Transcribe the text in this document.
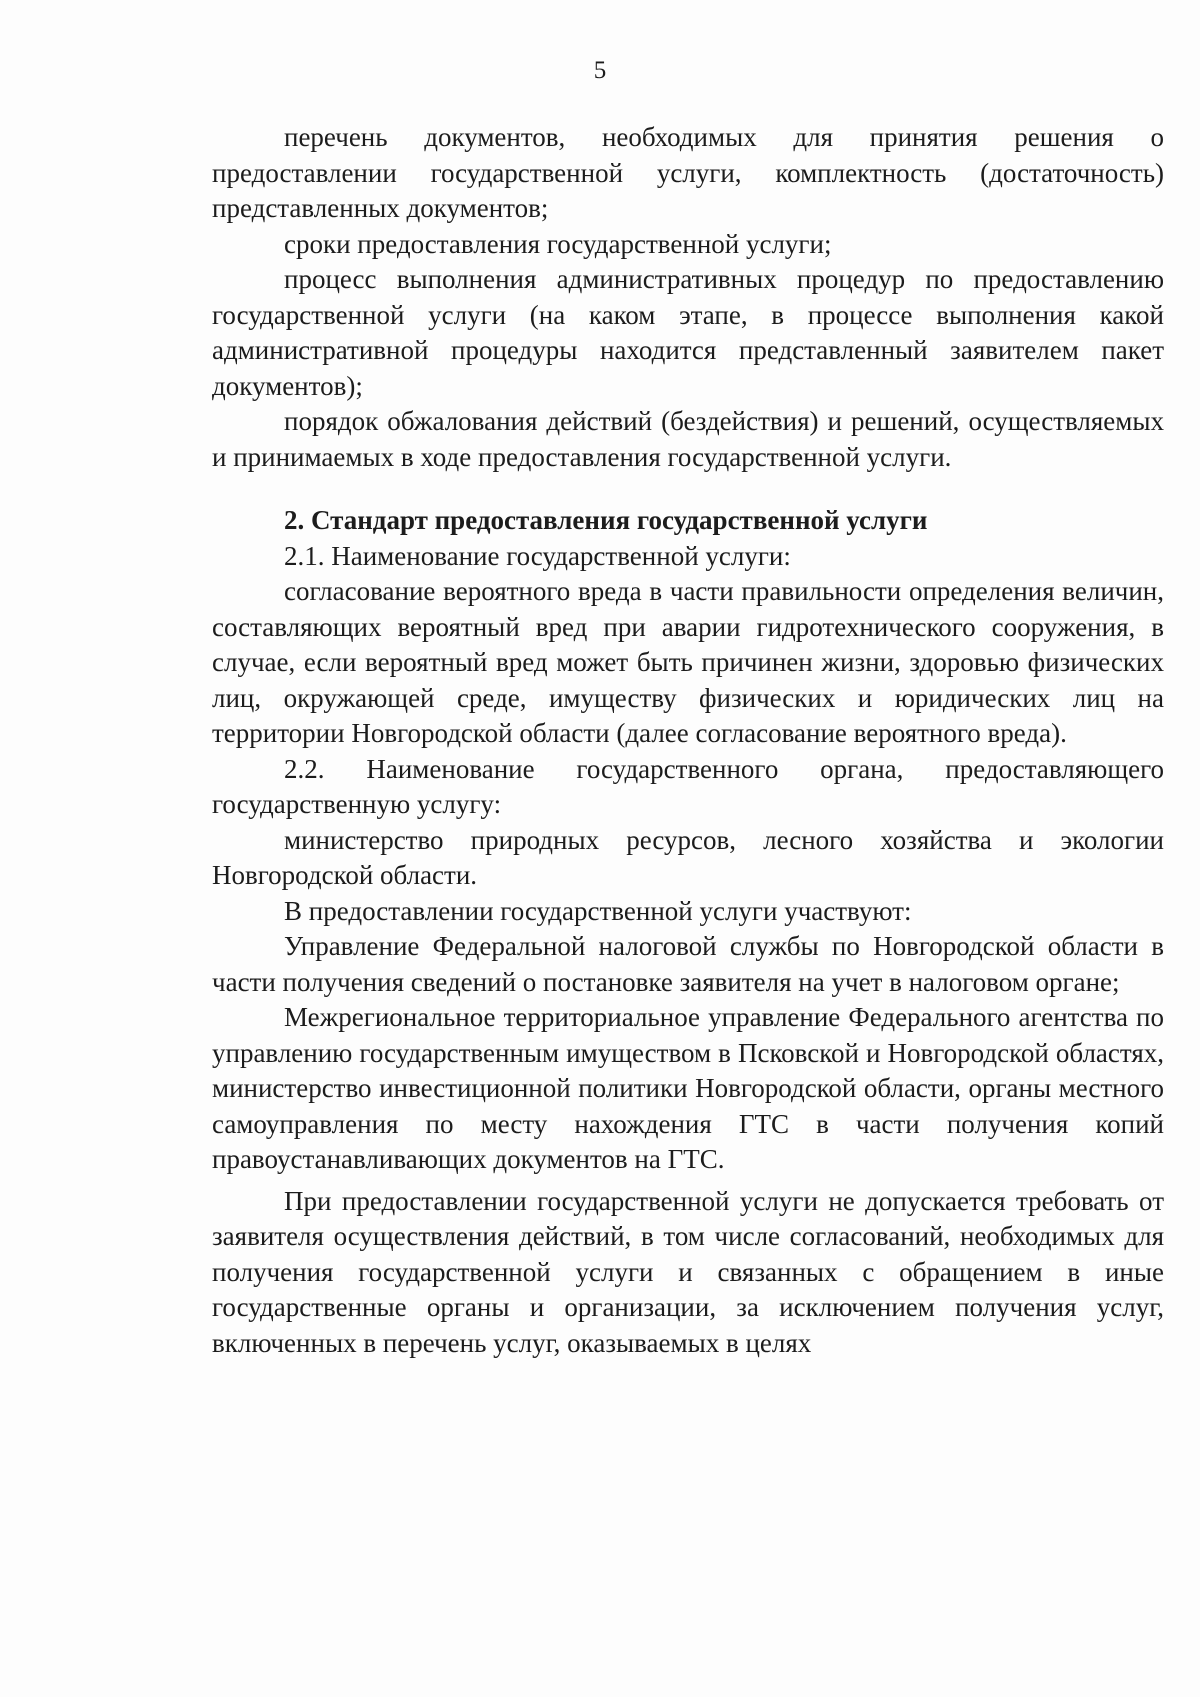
5

перечень документов, необходимых для принятия решения о предоставлении государственной услуги, комплектность (достаточность) представленных документов;

сроки предоставления государственной услуги;

процесс выполнения административных процедур по предоставлению государственной услуги (на каком этапе, в процессе выполнения какой административной процедуры находится представленный заявителем пакет документов);

порядок обжалования действий (бездействия) и решений, осуществляемых и принимаемых в ходе предоставления государственной услуги.

2. Стандарт предоставления государственной услуги

2.1. Наименование государственной услуги:

согласование вероятного вреда в части правильности определения величин, составляющих вероятный вред при аварии гидротехнического сооружения, в случае, если вероятный вред может быть причинен жизни, здоровью физических лиц, окружающей среде, имуществу физических и юридических лиц на территории Новгородской области (далее согласование вероятного вреда).

2.2. Наименование государственного органа, предоставляющего государственную услугу:

министерство природных ресурсов, лесного хозяйства и экологии Новгородской области.

В предоставлении государственной услуги участвуют:

Управление Федеральной налоговой службы по Новгородской области в части получения сведений о постановке заявителя на учет в налоговом органе;

Межрегиональное территориальное управление Федерального агентства по управлению государственным имуществом в Псковской и Новгородской областях, министерство инвестиционной политики Новгородской области, органы местного самоуправления по месту нахождения ГТС в части получения копий правоустанавливающих документов на ГТС.

При предоставлении государственной услуги не допускается требовать от заявителя осуществления действий, в том числе согласований, необходимых для получения государственной услуги и связанных с обращением в иные государственные органы и организации, за исключением получения услуг, включенных в перечень услуг, оказываемых в целях
